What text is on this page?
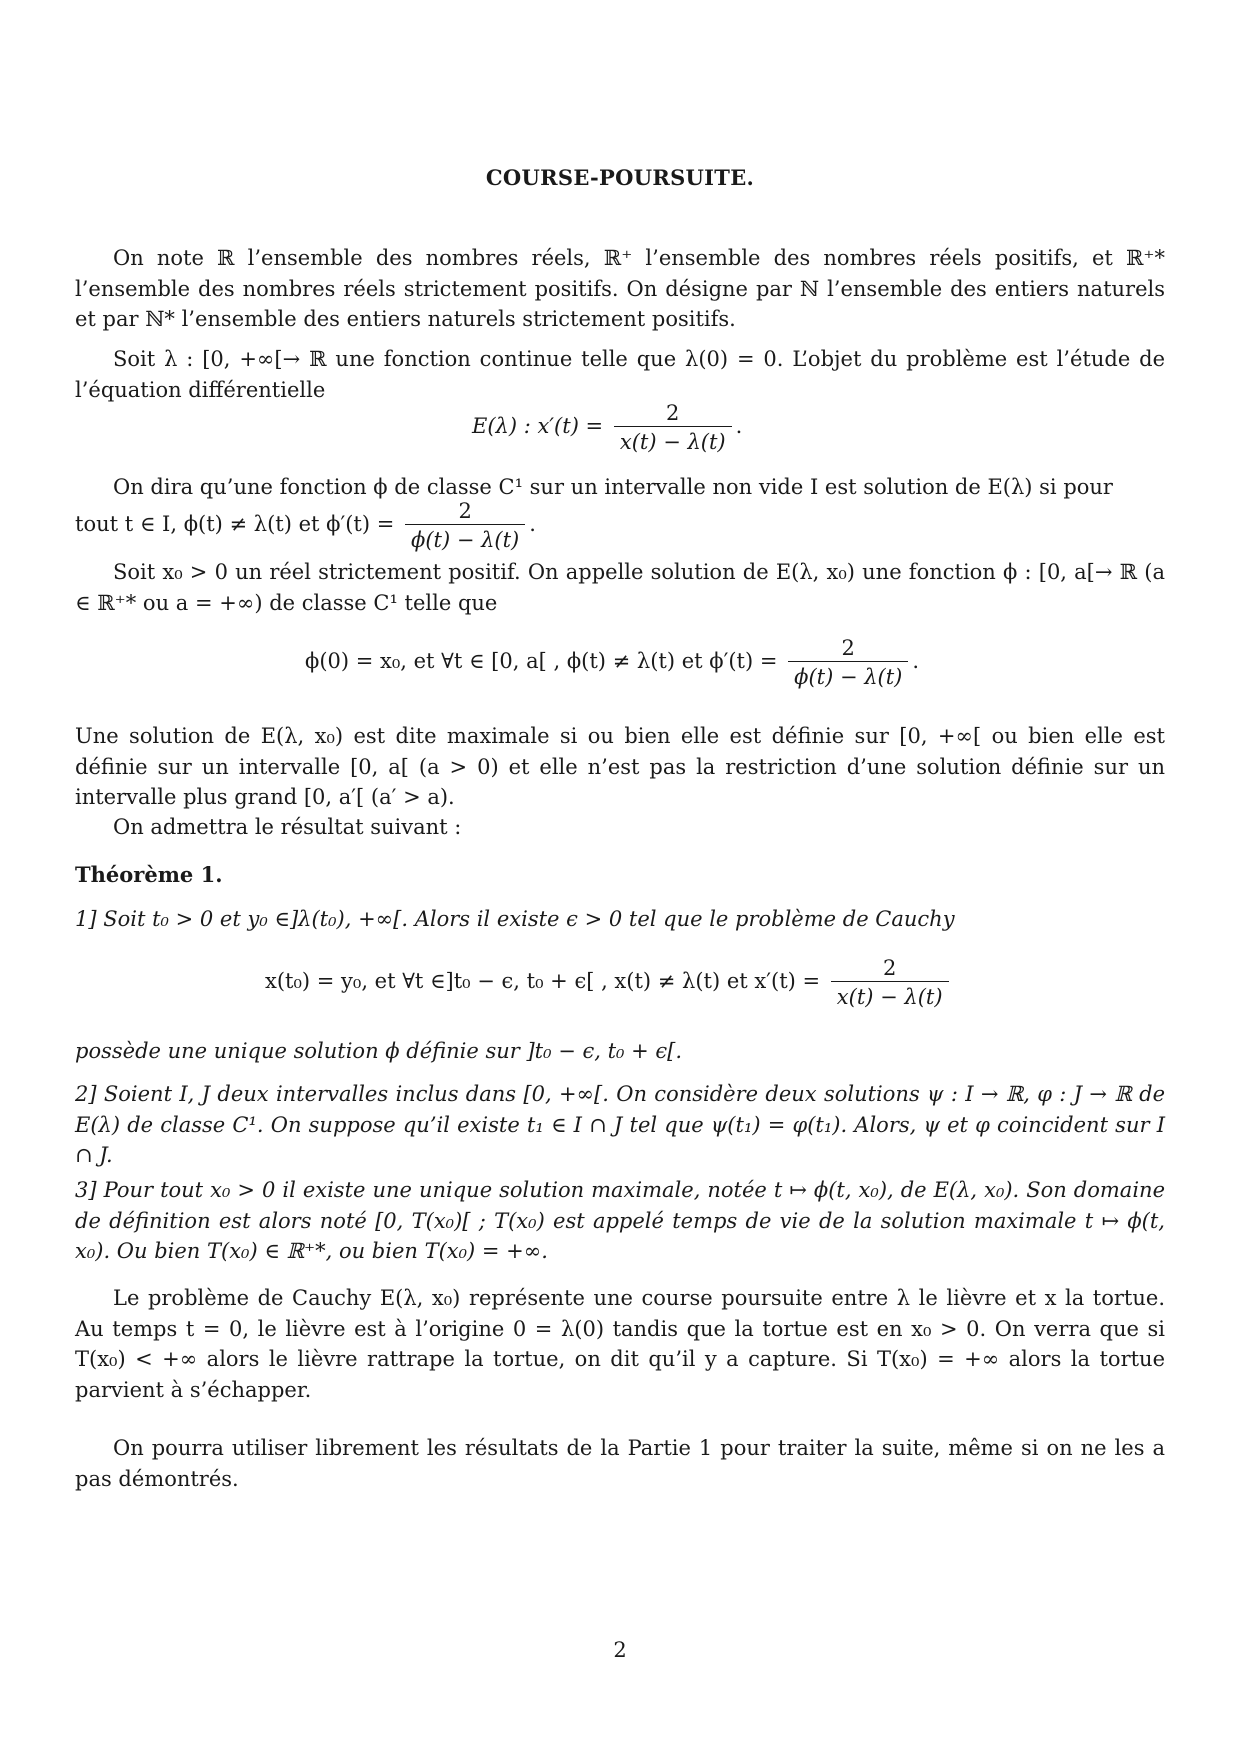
COURSE-POURSUITE.

On note ℝ l’ensemble des nombres réels, ℝ⁺ l’ensemble des nombres réels positifs, et ℝ⁺* l’ensemble des nombres réels strictement positifs. On désigne par ℕ l’ensemble des entiers naturels et par ℕ* l’ensemble des entiers naturels strictement positifs.

Soit λ : [0, +∞[→ ℝ une fonction continue telle que λ(0) = 0. L’objet du problème est l’étude de l’équation différentielle

E(λ) : $x'(t) = \frac{2}{x(t) - \lambda(t)}$ .

On dira qu’une fonction ϕ de classe C¹ sur un intervalle non vide I est solution de E(λ) si pour

tout t ∈ I, ϕ(t) ≠ λ(t) et $\phi'(t) = \frac{2}{\phi(t) - \lambda(t)}$ .

Soit x₀ > 0 un réel strictement positif. On appelle solution de E(λ, x₀) une fonction ϕ : [0, a[→ ℝ (a ∈ ℝ⁺* ou a = +∞) de classe C¹ telle que

ϕ(0) = x₀, et ∀t ∈ [0, a[ , ϕ(t) ≠ λ(t) et $\phi'(t) = \frac{2}{\phi(t) - \lambda(t)}$ .

Une solution de E(λ, x₀) est dite maximale si ou bien elle est définie sur [0, +∞[ ou bien elle est définie sur un intervalle [0, a[ (a > 0) et elle n’est pas la restriction d’une solution définie sur un intervalle plus grand [0, a′[ (a′ > a).

On admettra le résultat suivant :

Théorème 1.

1] Soit t₀ > 0 et y₀ ∈]λ(t₀), +∞[. Alors il existe ϵ > 0 tel que le problème de Cauchy

x(t₀) = y₀, et ∀t ∈]t₀ − ϵ, t₀ + ϵ[ , x(t) ≠ λ(t) et $x'(t) = \frac{2}{x(t) - \lambda(t)}$

possède une unique solution ϕ définie sur ]t₀ − ϵ, t₀ + ϵ[.

2] Soient I, J deux intervalles inclus dans [0, +∞[. On considère deux solutions ψ : I → ℝ, φ : J → ℝ de E(λ) de classe C¹. On suppose qu’il existe t₁ ∈ I ∩ J tel que ψ(t₁) = φ(t₁). Alors, ψ et φ coincident sur I ∩ J.

3] Pour tout x₀ > 0 il existe une unique solution maximale, notée t ↦ ϕ(t, x₀), de E(λ, x₀). Son domaine de définition est alors noté [0, T(x₀)[ ; T(x₀) est appelé temps de vie de la solution maximale t ↦ ϕ(t, x₀). Ou bien T(x₀) ∈ ℝ⁺*, ou bien T(x₀) = +∞.

Le problème de Cauchy E(λ, x₀) représente une course poursuite entre λ le lièvre et x la tortue. Au temps t = 0, le lièvre est à l’origine 0 = λ(0) tandis que la tortue est en x₀ > 0. On verra que si T(x₀) < +∞ alors le lièvre rattrape la tortue, on dit qu’il y a capture. Si T(x₀) = +∞ alors la tortue parvient à s’échapper.

On pourra utiliser librement les résultats de la Partie 1 pour traiter la suite, même si on ne les a pas démontrés.

2
